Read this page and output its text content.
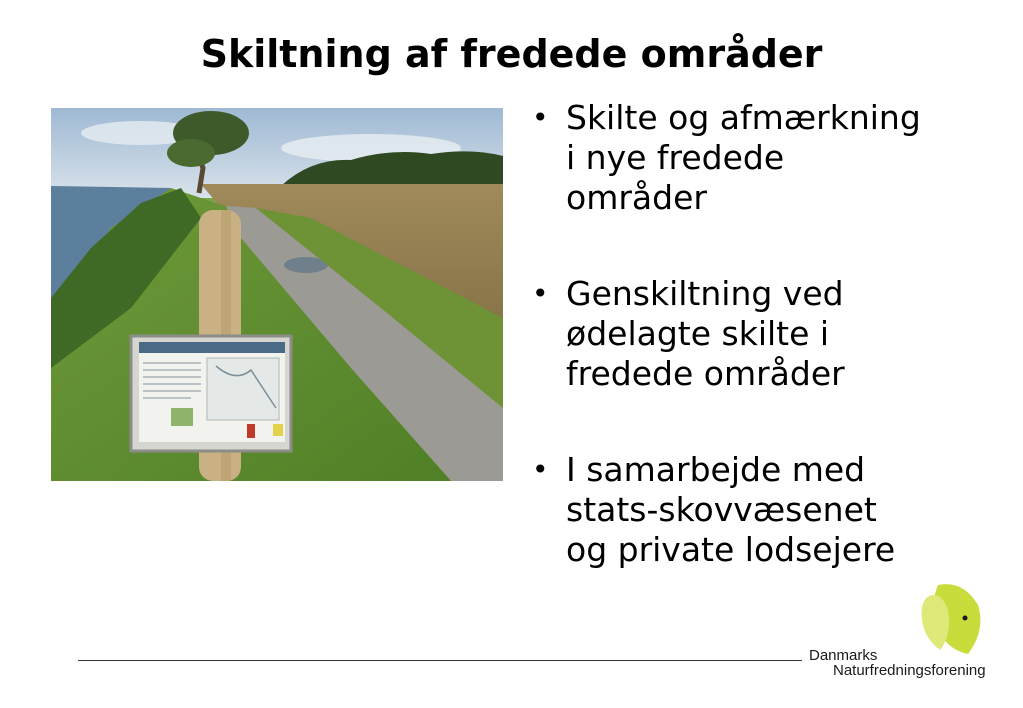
Skiltning af fredede områder
• Skilte og afmærkning
i nye fredede
områder
• Genskiltning ved
ødelagte skilte i
fredede områder
• I samarbejde med
stats-skovvæsenet
og private lodsejere
Danmarks
Naturfredningsforening
